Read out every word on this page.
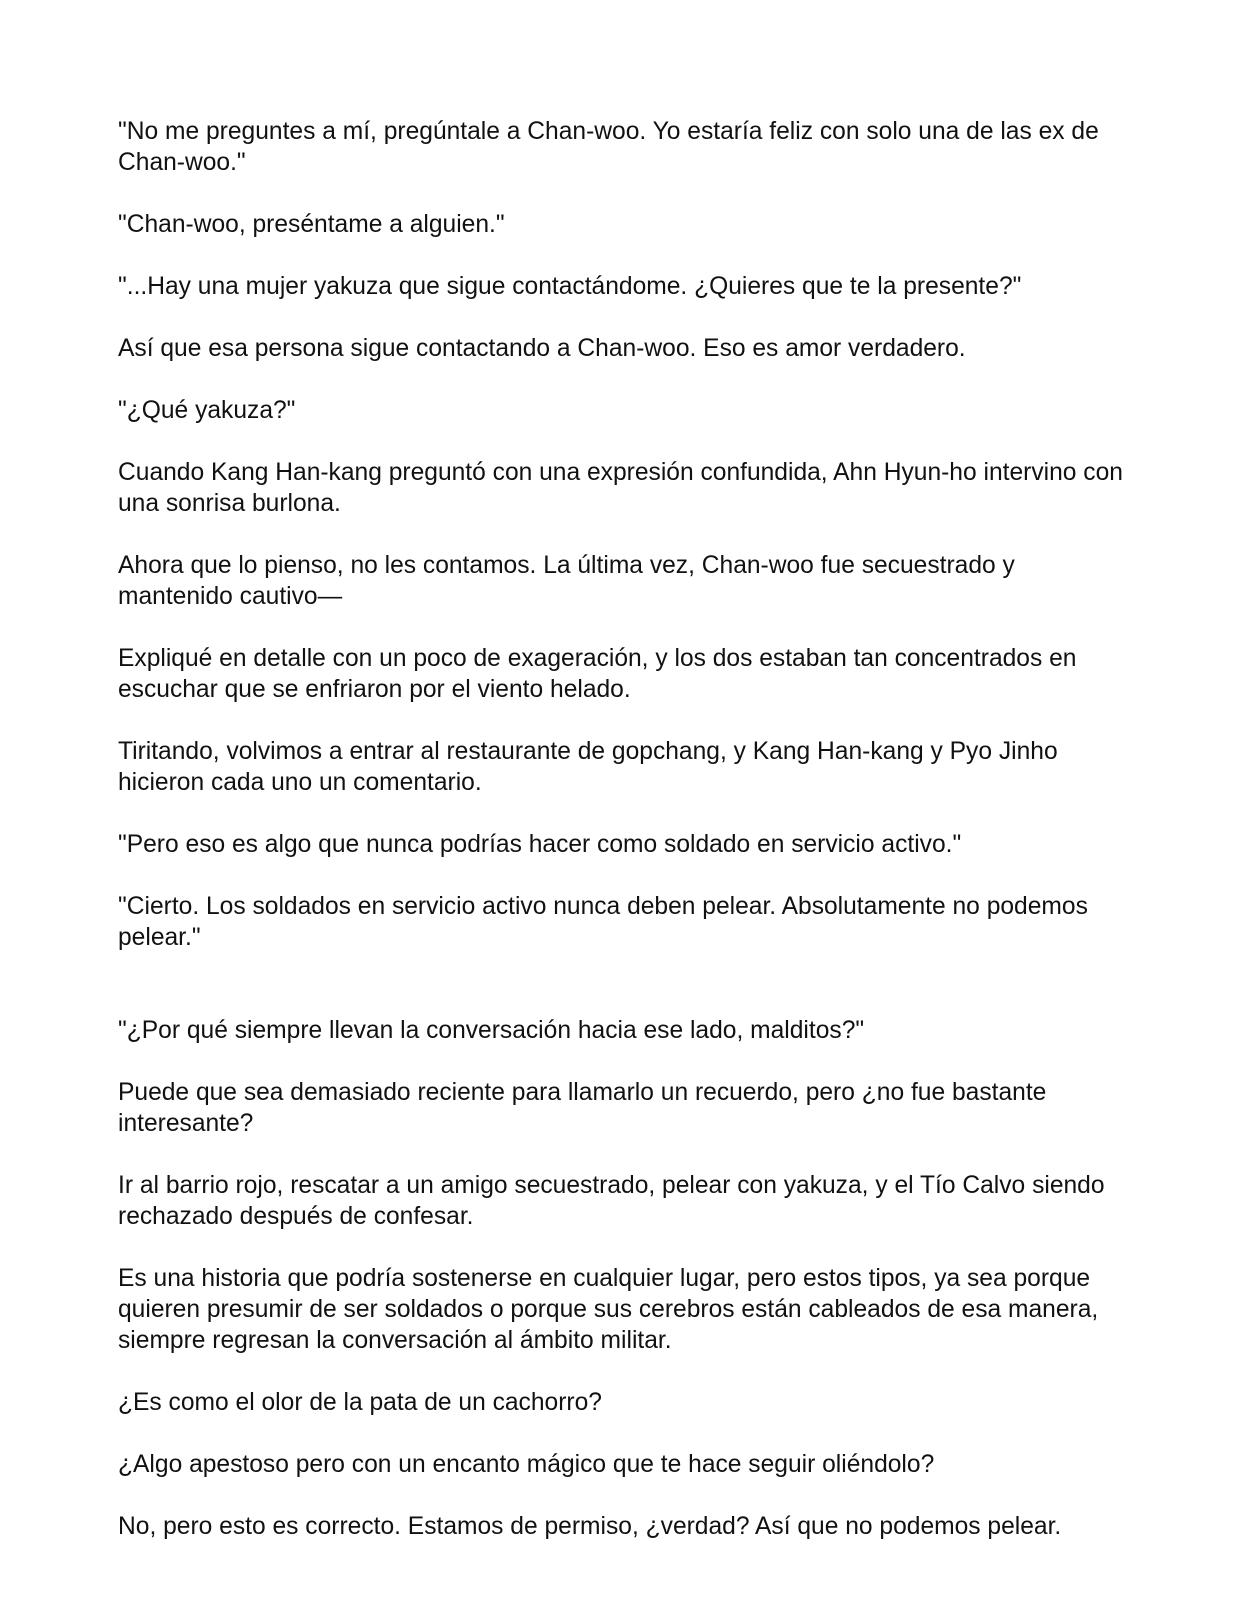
"No me preguntes a mí, pregúntale a Chan-woo. Yo estaría feliz con solo una de las ex de Chan-woo."

"Chan-woo, preséntame a alguien."

"...Hay una mujer yakuza que sigue contactándome. ¿Quieres que te la presente?"

Así que esa persona sigue contactando a Chan-woo. Eso es amor verdadero.

"¿Qué yakuza?"

Cuando Kang Han-kang preguntó con una expresión confundida, Ahn Hyun-ho intervino con una sonrisa burlona.

Ahora que lo pienso, no les contamos. La última vez, Chan-woo fue secuestrado y mantenido cautivo—

Expliqué en detalle con un poco de exageración, y los dos estaban tan concentrados en escuchar que se enfriaron por el viento helado.

Tiritando, volvimos a entrar al restaurante de gopchang, y Kang Han-kang y Pyo Jinho hicieron cada uno un comentario.

"Pero eso es algo que nunca podrías hacer como soldado en servicio activo."

"Cierto. Los soldados en servicio activo nunca deben pelear. Absolutamente no podemos pelear."

"¿Por qué siempre llevan la conversación hacia ese lado, malditos?"

Puede que sea demasiado reciente para llamarlo un recuerdo, pero ¿no fue bastante interesante?

Ir al barrio rojo, rescatar a un amigo secuestrado, pelear con yakuza, y el Tío Calvo siendo rechazado después de confesar.

Es una historia que podría sostenerse en cualquier lugar, pero estos tipos, ya sea porque quieren presumir de ser soldados o porque sus cerebros están cableados de esa manera, siempre regresan la conversación al ámbito militar.

¿Es como el olor de la pata de un cachorro?

¿Algo apestoso pero con un encanto mágico que te hace seguir oliéndolo?

No, pero esto es correcto. Estamos de permiso, ¿verdad? Así que no podemos pelear.
